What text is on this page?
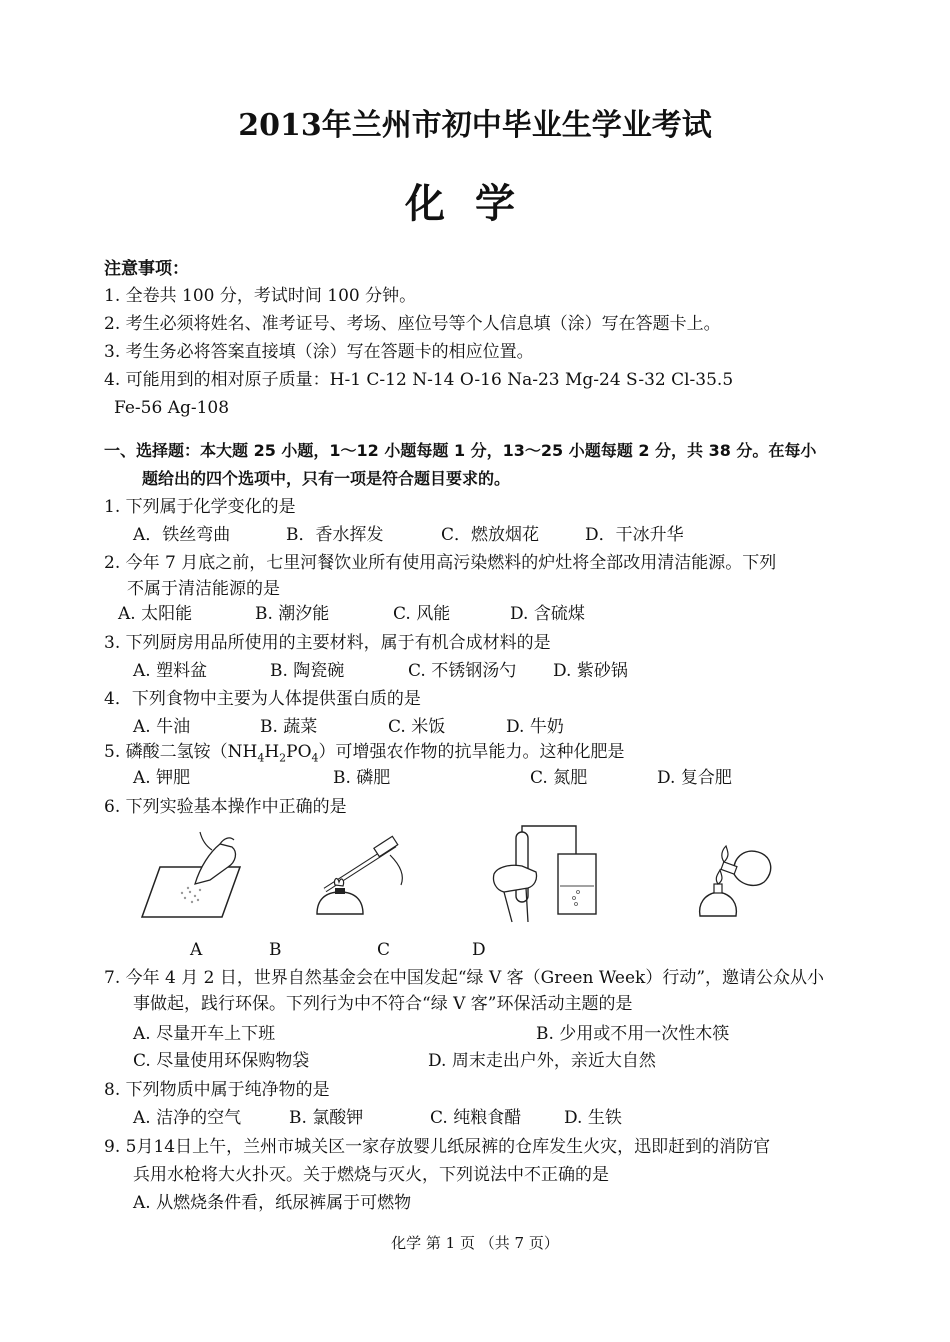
2013年兰州市初中毕业生学业考试
化学
注意事项：
1. 全卷共 100 分，考试时间 100 分钟。
2. 考生必须将姓名、准考证号、考场、座位号等个人信息填（涂）写在答题卡上。
3. 考生务必将答案直接填（涂）写在答题卡的相应位置。
4. 可能用到的相对原子质量：H-1 C-12 N-14 O-16 Na-23 Mg-24 S-32 Cl-35.5
Fe-56 Ag-108
一、选择题：本大题 25 小题，1～12 小题每题 1 分，13～25 小题每题 2 分，共 38 分。在每小
题给出的四个选项中，只有一项是符合题目要求的。
1. 下列属于化学变化的是
A．铁丝弯曲	B．香水挥发	C．燃放烟花	D．干冰升华
2. 今年 7 月底之前，七里河餐饮业所有使用高污染燃料的炉灶将全部改用清洁能源。下列
不属于清洁能源的是
A. 太阳能	B. 潮汐能	C. 风能	D. 含硫煤
3. 下列厨房用品所使用的主要材料，属于有机合成材料的是
A. 塑料盆	B. 陶瓷碗	C. 不锈钢汤勺 D. 紫砂锅
4．下列食物中主要为人体提供蛋白质的是
A. 牛油	B. 蔬菜	C. 米饭	D. 牛奶
5. 磷酸二氢铵$(NH_4H_2PO_4)$可增强农作物的抗旱能力。这种化肥是
A. 钾肥	B. 磷肥	C. 氮肥	D. 复合肥
6. 下列实验基本操作中正确的是
A	B	C	D
7. 今年 4 月 2 日，世界自然基金会在中国发起“绿 V 客（Green Week）行动”，邀请公众从小
事做起，践行环保。下列行为中不符合“绿 V 客”环保活动主题的是
A. 尽量开车上下班	B. 少用或不用一次性木筷
C. 尽量使用环保购物袋	D. 周末走出户外，亲近大自然
8. 下列物质中属于纯净物的是
A. 洁净的空气	B. 氯酸钾	C. 纯粮食醋	D. 生铁
9. 5月14日上午，兰州市城关区一家存放婴儿纸尿裤的仓库发生火灾，迅即赶到的消防官
兵用水枪将大火扑灭。关于燃烧与灭火，下列说法中不正确的是
A. 从燃烧条件看，纸尿裤属于可燃物
化学 第 1 页 （共 7 页）
